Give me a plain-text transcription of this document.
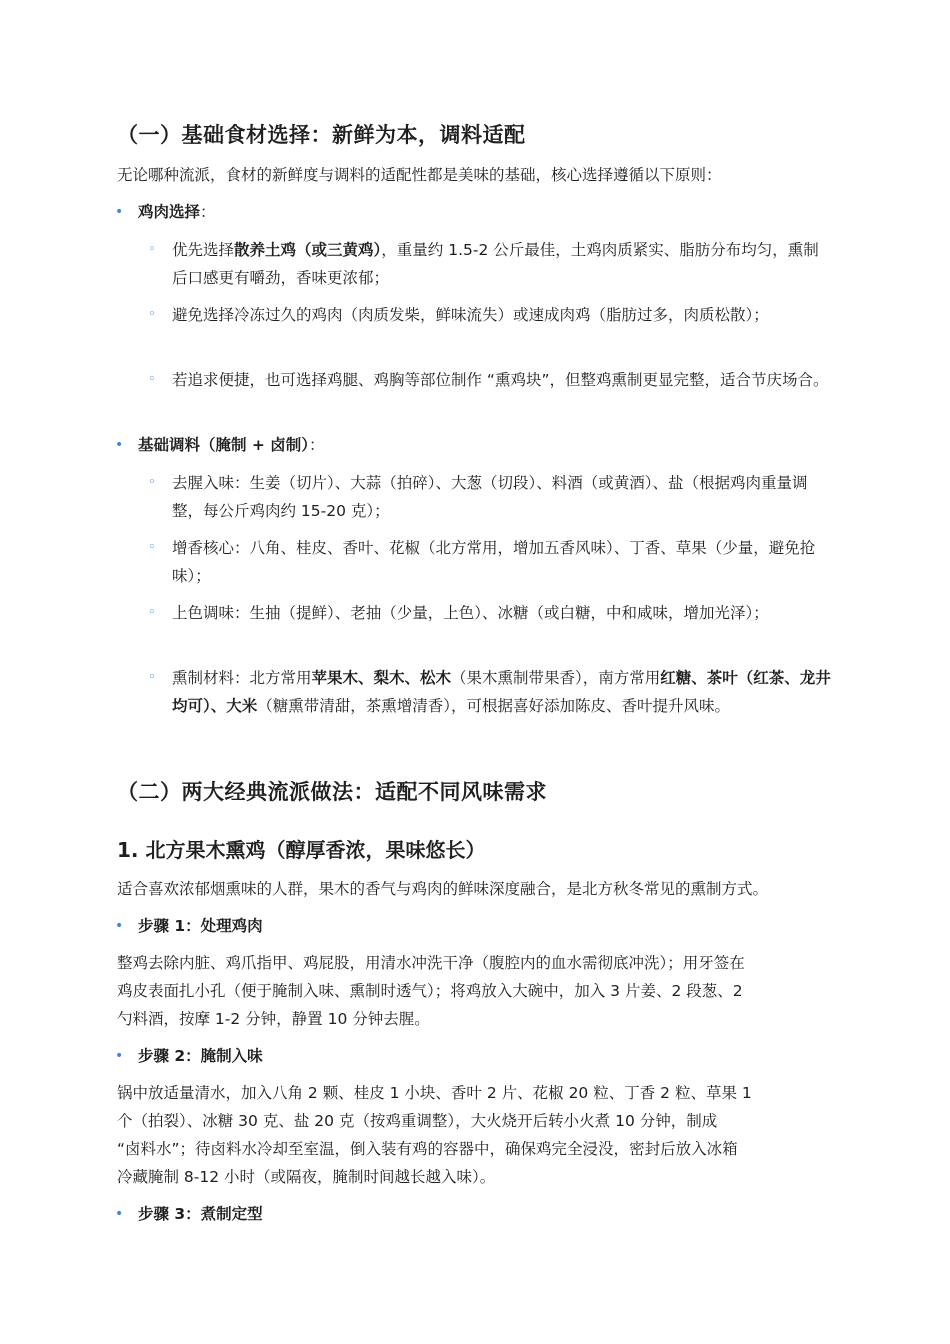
（一）基础食材选择：新鲜为本，调料适配

无论哪种流派，食材的新鲜度与调料的适配性都是美味的基础，核心选择遵循以下原则：

• 鸡肉选择：
◦ 优先选择散养土鸡（或三黄鸡），重量约 1.5-2 公斤最佳，土鸡肉质紧实、脂肪分布均匀，熏制后口感更有嚼劲，香味更浓郁；
◦ 避免选择冷冻过久的鸡肉（肉质发柴，鲜味流失）或速成肉鸡（脂肪过多，肉质松散）；
◦ 若追求便捷，也可选择鸡腿、鸡胸等部位制作 “熏鸡块”，但整鸡熏制更显完整，适合节庆场合。
• 基础调料（腌制 + 卤制）：
◦ 去腥入味：生姜（切片）、大蒜（拍碎）、大葱（切段）、料酒（或黄酒）、盐（根据鸡肉重量调整，每公斤鸡肉约 15-20 克）；
◦ 增香核心：八角、桂皮、香叶、花椒（北方常用，增加五香风味）、丁香、草果（少量，避免抢味）；
◦ 上色调味：生抽（提鲜）、老抽（少量，上色）、冰糖（或白糖，中和咸味，增加光泽）；
◦ 熏制材料：北方常用苹果木、梨木、松木（果木熏制带果香），南方常用红糖、茶叶（红茶、龙井均可）、大米（糖熏带清甜，茶熏增清香），可根据喜好添加陈皮、香叶提升风味。
（二）两大经典流派做法：适配不同风味需求
1. 北方果木熏鸡（醇厚香浓，果味悠长）

适合喜欢浓郁烟熏味的人群，果木的香气与鸡肉的鲜味深度融合，是北方秋冬常见的熏制方式。

• 步骤 1：处理鸡肉
整鸡去除内脏、鸡爪指甲、鸡屁股，用清水冲洗干净（腹腔内的血水需彻底冲洗）；用牙签在
鸡皮表面扎小孔（便于腌制入味、熏制时透气）；将鸡放入大碗中，加入 3 片姜、2 段葱、2
勺料酒，按摩 1-2 分钟，静置 10 分钟去腥。
• 步骤 2：腌制入味
锅中放适量清水，加入八角 2 颗、桂皮 1 小块、香叶 2 片、花椒 20 粒、丁香 2 粒、草果 1
个（拍裂）、冰糖 30 克、盐 20 克（按鸡重调整），大火烧开后转小火煮 10 分钟，制成
“卤料水”；待卤料水冷却至室温，倒入装有鸡的容器中，确保鸡完全浸没，密封后放入冰箱
冷藏腌制 8-12 小时（或隔夜，腌制时间越长越入味）。
• 步骤 3：煮制定型
